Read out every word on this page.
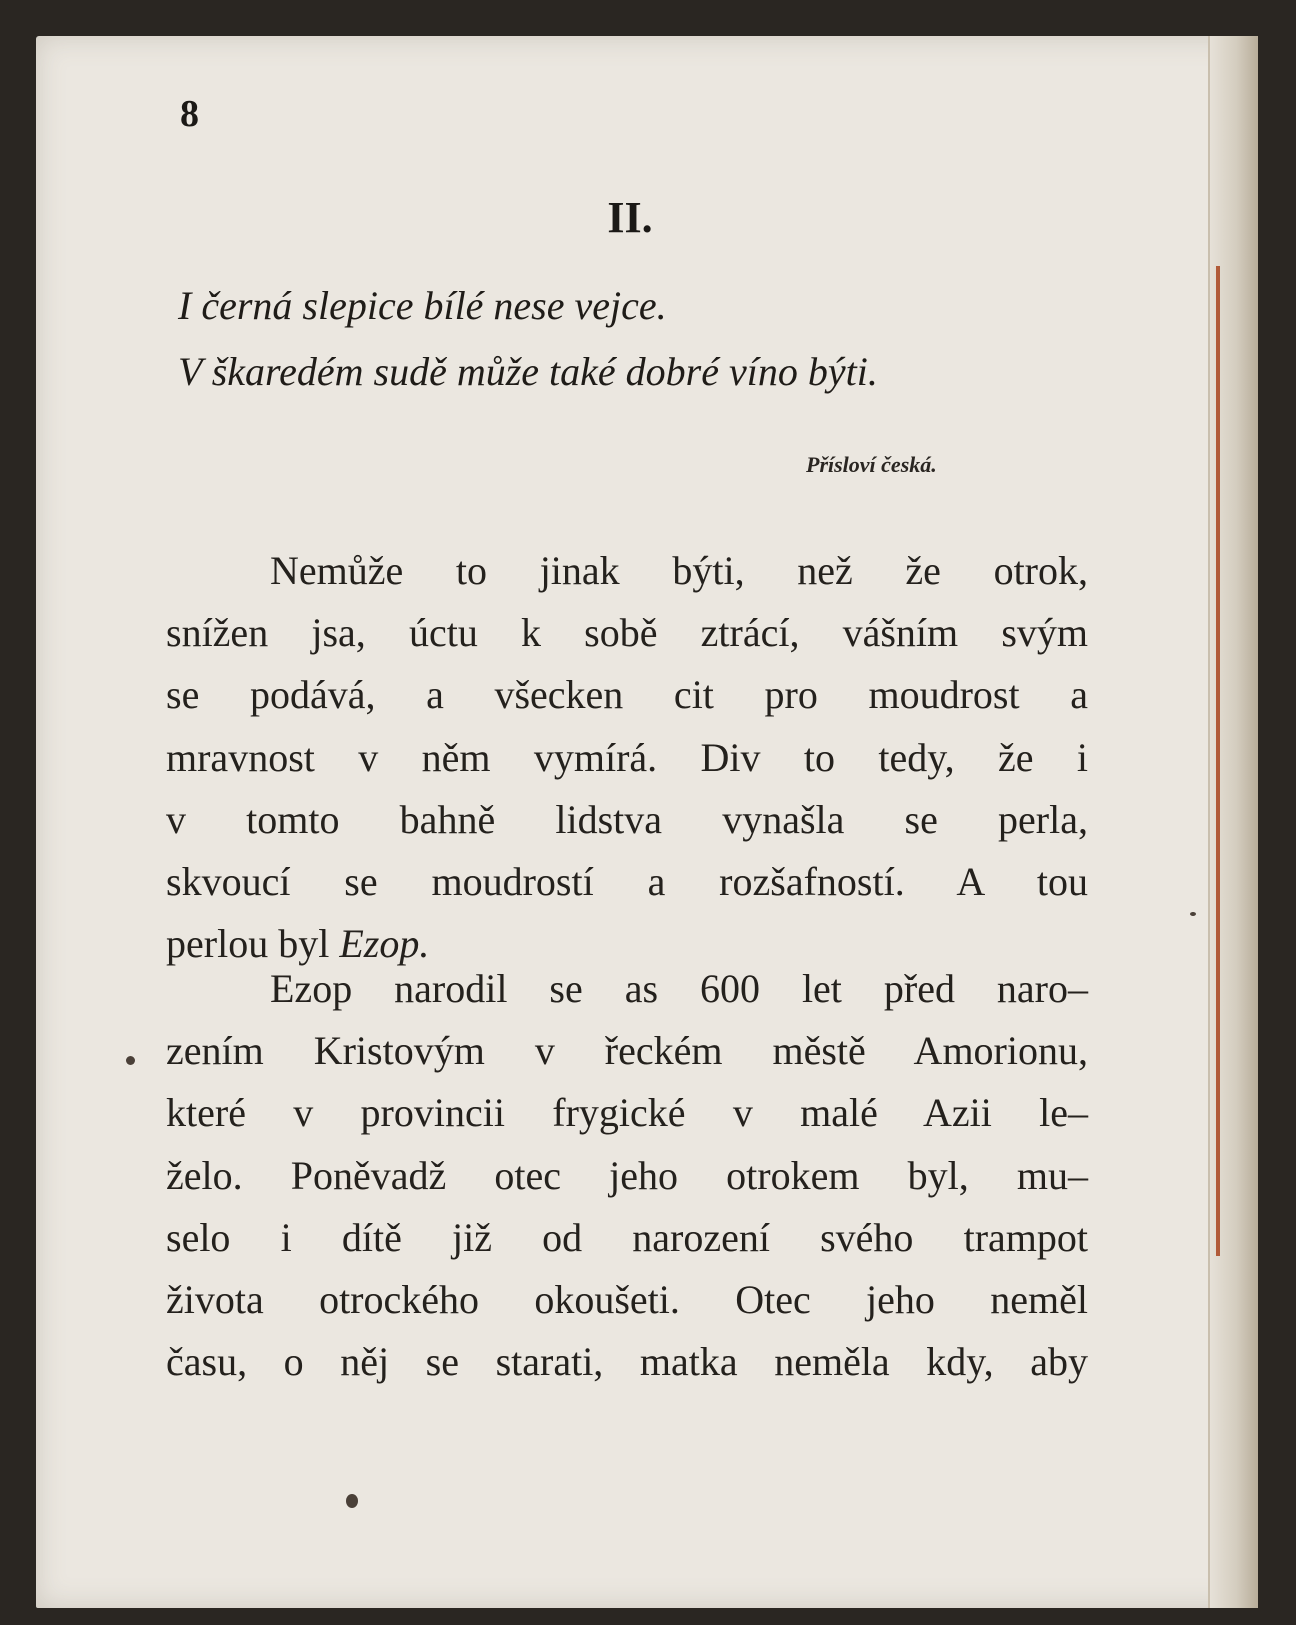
8
II.
I černá slepice bílé nese vejce.
V škaredém sudě může také dobré víno býti.
Přísloví česká.
Nemůže to jinak býti, než že otrok,
snížen jsa, úctu k sobě ztrácí, vášním svým
se podává, a všecken cit pro moudrost a
mravnost v něm vymírá. Div to tedy, že i
v tomto bahně lidstva vynašla se perla,
skvoucí se moudrostí a rozšafností. A tou
perlou byl Ezop.
Ezop narodil se as 600 let před naro–
zením Kristovým v řeckém městě Amorionu,
které v provincii frygické v malé Azii le–
želo. Poněvadž otec jeho otrokem byl, mu–
selo i dítě již od narození svého trampot
života otrockého okoušeti. Otec jeho neměl
času, o něj se starati, matka neměla kdy, aby
